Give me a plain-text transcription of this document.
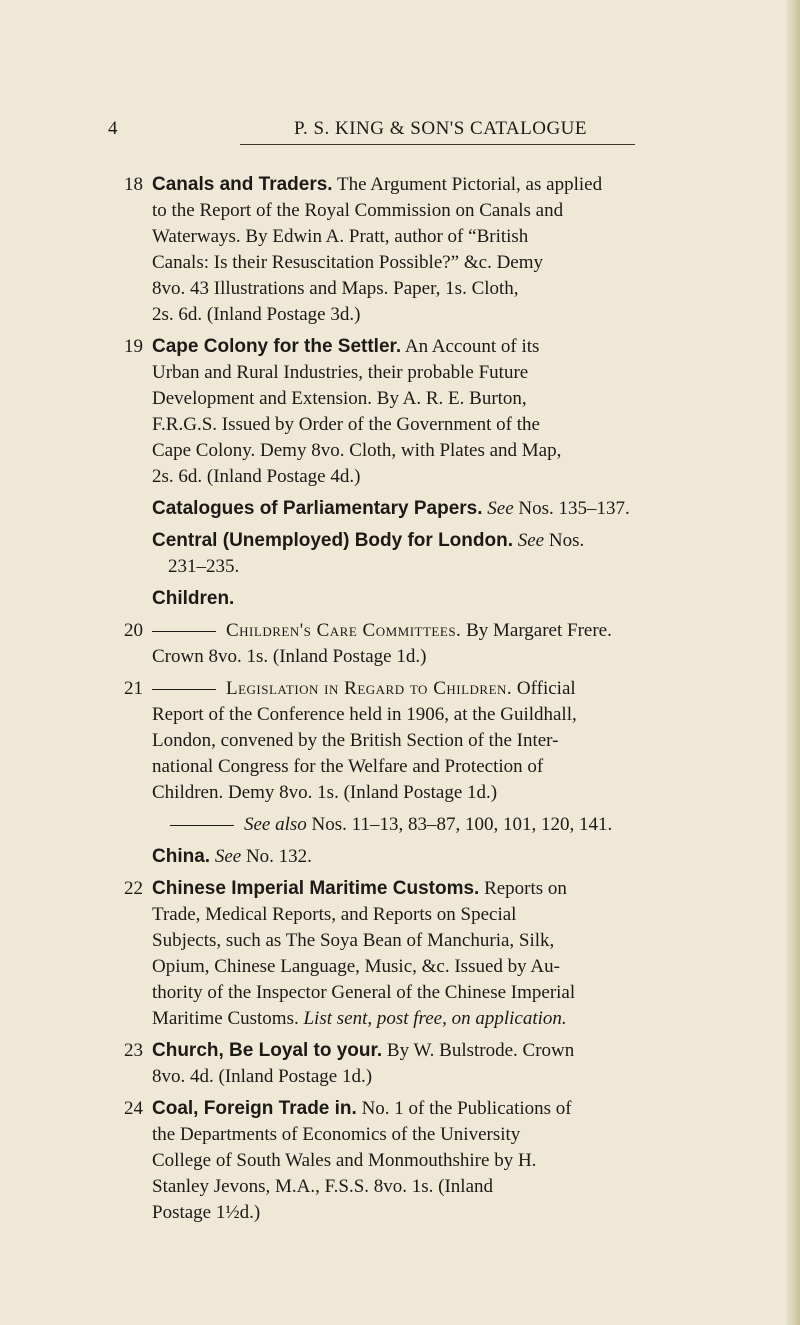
4	P. S. KING & SON'S CATALOGUE
18 Canals and Traders. The Argument Pictorial, as applied
to the Report of the Royal Commission on Canals and
Waterways. By Edwin A. Pratt, author of “British
Canals: Is their Resuscitation Possible?” &c. Demy
8vo. 43 Illustrations and Maps. Paper, 1s. Cloth,
2s. 6d. (Inland Postage 3d.)
19 Cape Colony for the Settler. An Account of its
Urban and Rural Industries, their probable Future
Development and Extension. By A. R. E. Burton,
F.R.G.S. Issued by Order of the Government of the
Cape Colony. Demy 8vo. Cloth, with Plates and Map,
2s. 6d. (Inland Postage 4d.)
Catalogues of Parliamentary Papers. See Nos. 135–137.
Central (Unemployed) Body for London. See Nos.
231–235.
Children.
20	Children's Care Committees. By Margaret Frere.
Crown 8vo. 1s. (Inland Postage 1d.)
21	Legislation in Regard to Children. Official
Report of the Conference held in 1906, at the Guildhall,
London, convened by the British Section of the Inter-
national Congress for the Welfare and Protection of
Children. Demy 8vo. 1s. (Inland Postage 1d.)
See also Nos. 11–13, 83–87, 100, 101, 120, 141.
China. See No. 132.
22 Chinese Imperial Maritime Customs. Reports on
Trade, Medical Reports, and Reports on Special
Subjects, such as The Soya Bean of Manchuria, Silk,
Opium, Chinese Language, Music, &c. Issued by Au-
thority of the Inspector General of the Chinese Imperial
Maritime Customs. List sent, post free, on application.
23 Church, Be Loyal to your. By W. Bulstrode. Crown
8vo. 4d. (Inland Postage 1d.)
24 Coal, Foreign Trade in. No. 1 of the Publications of
the Departments of Economics of the University
College of South Wales and Monmouthshire by H.
Stanley Jevons, M.A., F.S.S. 8vo. 1s. (Inland
Postage 1½d.)
